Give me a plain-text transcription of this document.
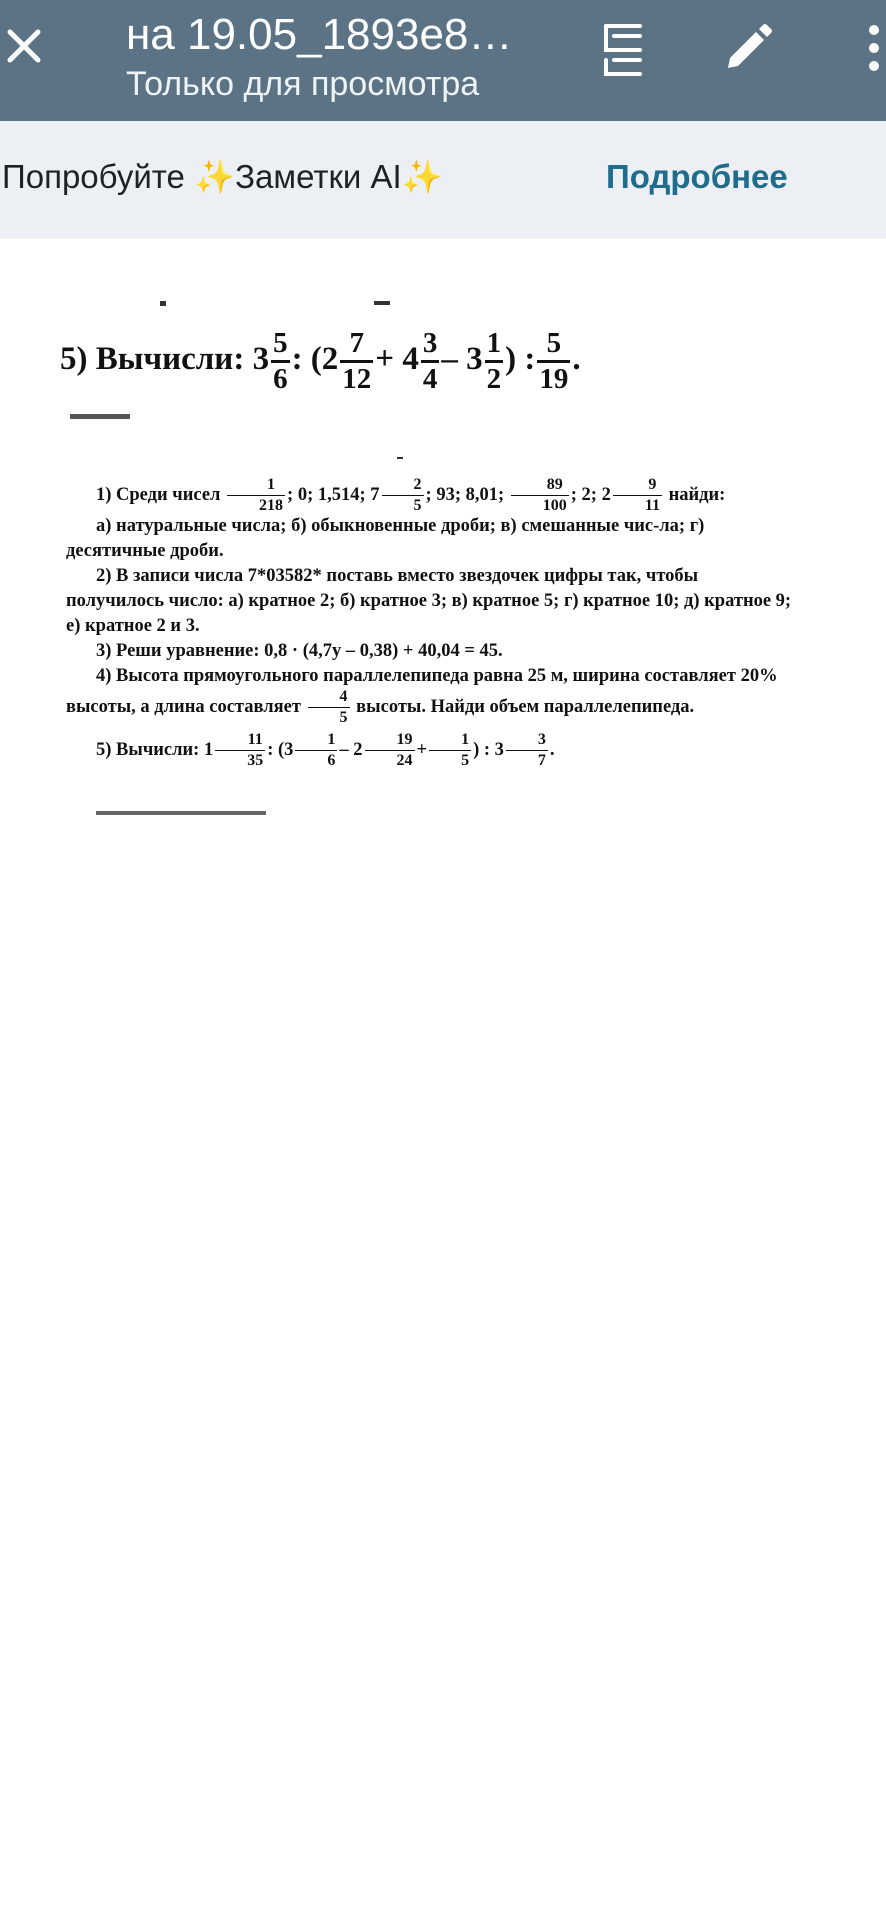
на 19.05_1893e8…
Только для просмотра
Попробуйте ✨Заметки AI✨	Подробнее
5) Вычисли: $3 \frac{5}{6}$ : ($2 \frac{7}{12} + 4 \frac{3}{4} - 3 \frac{1}{2}$ ) : $\frac{5}{19}$ .

1) Среди чисел $\frac{1}{218}$ ; 0; 1,514; $7 \frac{2}{5}$ ; 93; 8,01; $\frac{89}{100}$ ; 2; $2 \frac{9}{11}$ найди:

а) натуральные числа; б) обыкновенные дроби; в) смешанные чис-ла; г) десятичные дроби.

2) В записи числа 7*03582* поставь вместо звездочек цифры так, чтобы получилось число: а) кратное 2; б) кратное 3; в) кратное 5; г) кратное 10; д) кратное 9; е) кратное 2 и 3.

3) Реши уравнение: 0,8 · (4,7y – 0,38) + 40,04 = 45.

4) Высота прямоугольного параллелепипеда равна 25 м, ширина составляет 20% высоты, а длина составляет $\frac{4}{5}$ высоты. Найди объем параллелепипеда.

5) Вычисли: $1 \frac{11}{35}$ : ($3 \frac{1}{6} - 2 \frac{19}{24} + \frac{1}{5}$ ) : $3 \frac{3}{7}$ .
